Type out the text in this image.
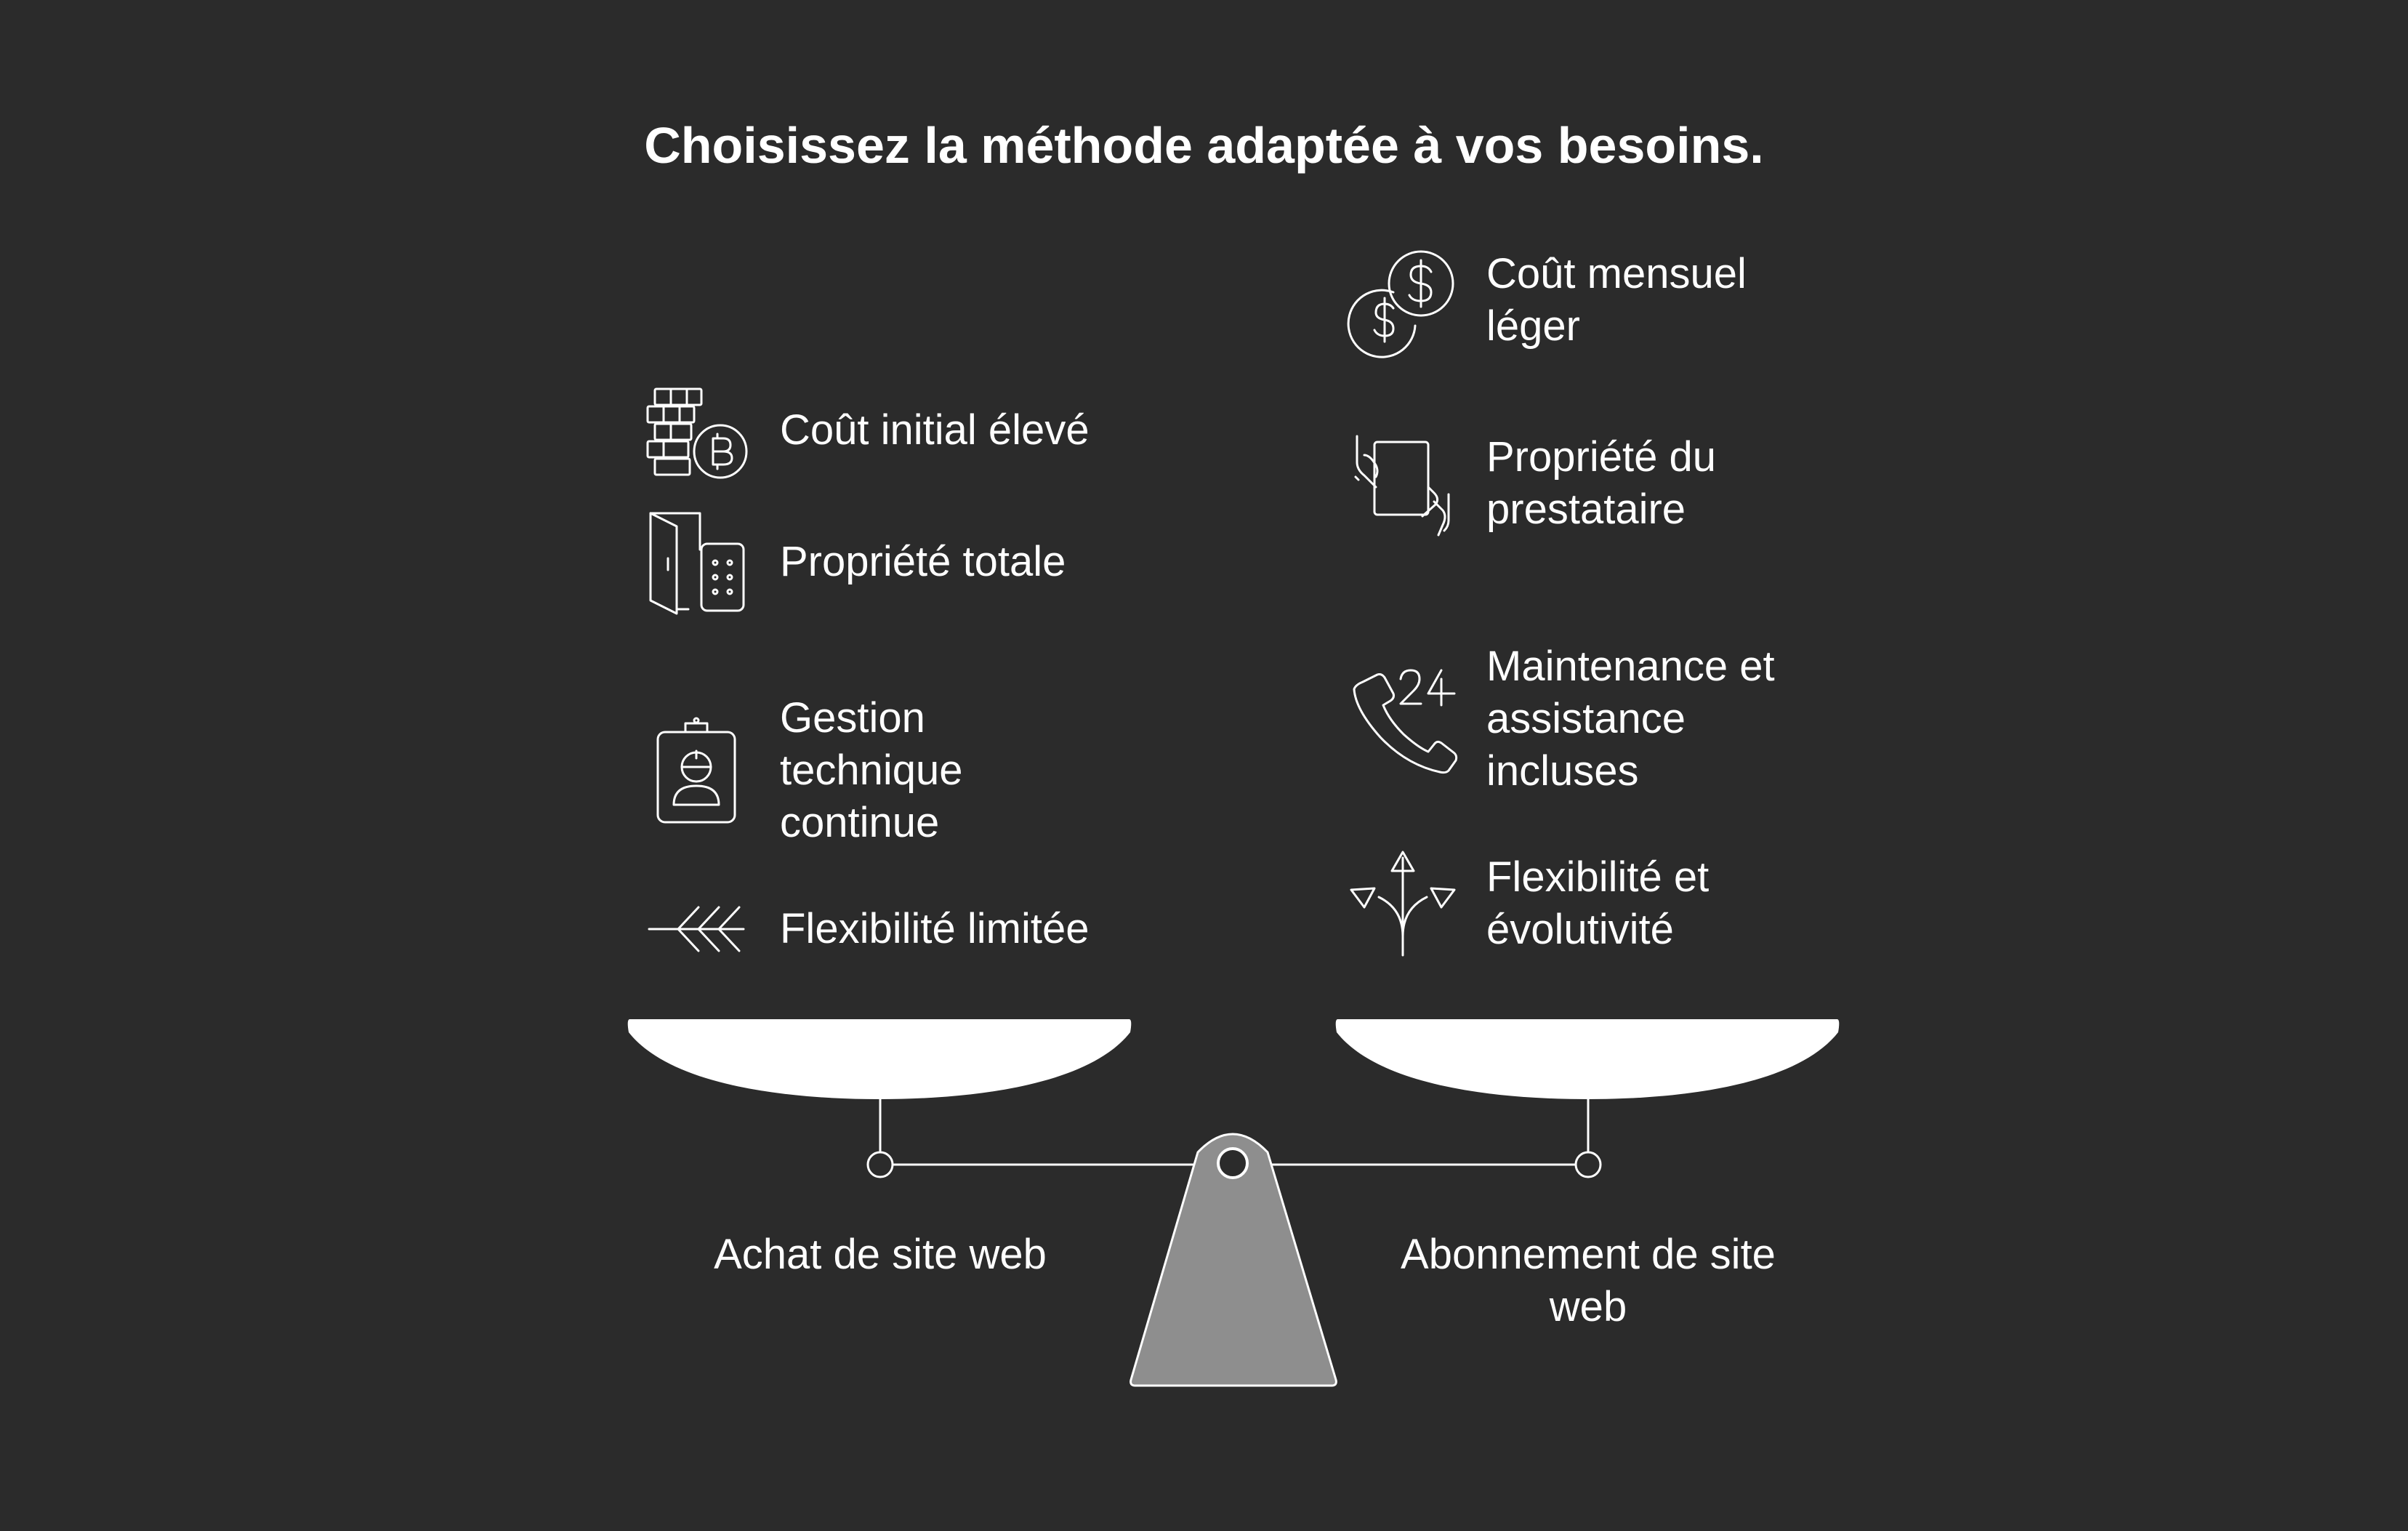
Choisissez la méthode adaptée à vos besoins.
Coût initial élevé
Propriété totale
Gestion
technique
continue
Flexibilité limitée
Coût mensuel
léger
Propriété du
prestataire
Maintenance et
assistance
incluses
Flexibilité et
évolutivité
Achat de site web	Abonnement de site
web
